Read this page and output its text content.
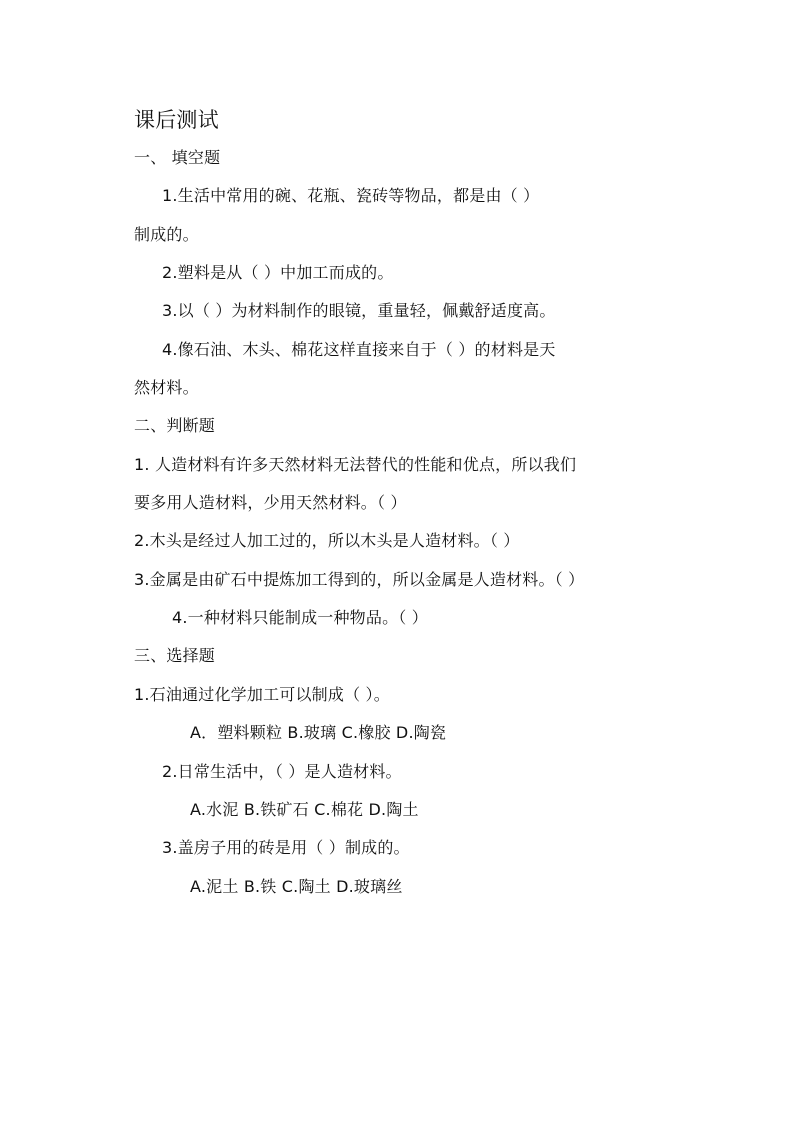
课后测试
一、 填空题
1.生活中常用的碗、花瓶、瓷砖等物品，都是由（ ）
制成的。
2.塑料是从（ ）中加工而成的。
3.以（ ）为材料制作的眼镜，重量轻，佩戴舒适度高。
4.像石油、木头、棉花这样直接来自于（ ）的材料是天
然材料。
二、判断题
1. 人造材料有许多天然材料无法替代的性能和优点，所以我们
要多用人造材料，少用天然材料。（ ）
2.木头是经过人加工过的，所以木头是人造材料。（ ）
3.金属是由矿石中提炼加工得到的，所以金属是人造材料。（ ）
4.一种材料只能制成一种物品。（ ）
三、选择题
1.石油通过化学加工可以制成（ ）。
A．塑料颗粒 B.玻璃 C.橡胶 D.陶瓷
2.日常生活中，（ ）是人造材料。
A.水泥 B.铁矿石 C.棉花 D.陶土
3.盖房子用的砖是用（ ）制成的。
A.泥土 B.铁 C.陶土 D.玻璃丝
